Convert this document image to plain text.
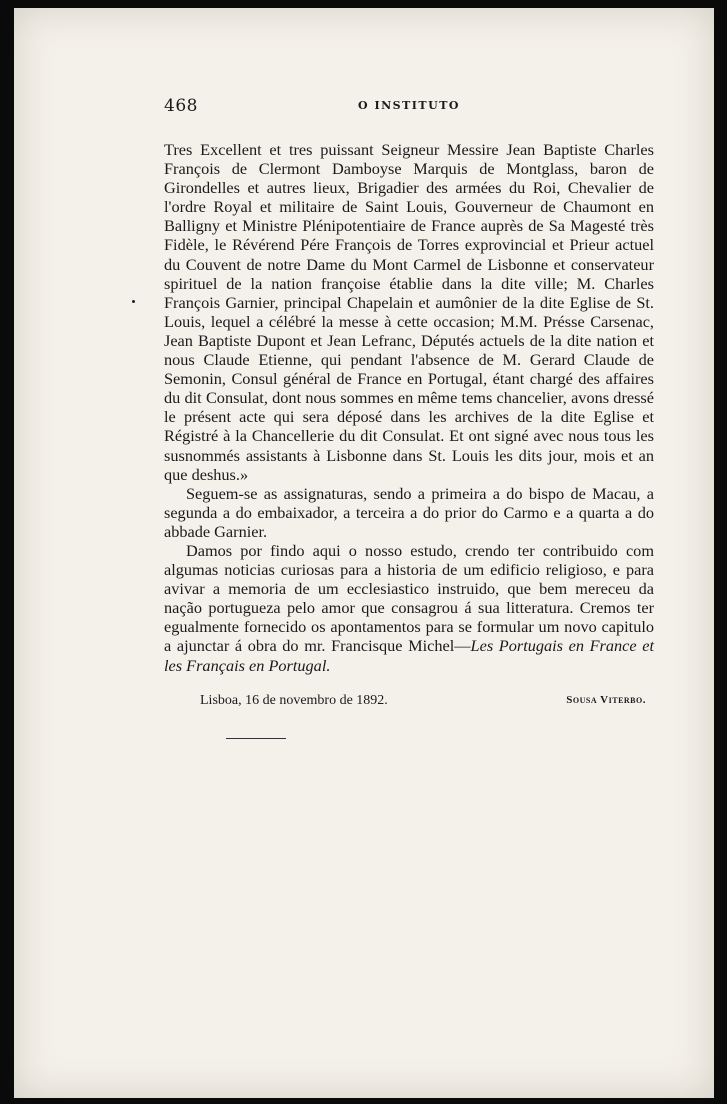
468	O INSTITUTO

Tres Excellent et tres puissant Seigneur Messire Jean Baptiste Charles François de Clermont Damboyse Marquis de Montglass, baron de Girondelles et autres lieux, Brigadier des armées du Roi, Chevalier de l'ordre Royal et militaire de Saint Louis, Gouverneur de Chaumont en Balligny et Ministre Plénipotentiaire de France auprès de Sa Magesté très Fidèle, le Révérend Pére François de Torres exprovincial et Prieur actuel du Couvent de notre Dame du Mont Carmel de Lisbonne et conservateur spirituel de la nation françoise établie dans la dite ville; M. Charles François Garnier, principal Chapelain et aumônier de la dite Eglise de St. Louis, lequel a célébré la messe à cette occasion; M.M. Présse Carsenac, Jean Baptiste Dupont et Jean Lefranc, Députés actuels de la dite nation et nous Claude Etienne, qui pendant l'absence de M. Gerard Claude de Semonin, Consul général de France en Portugal, étant chargé des affaires du dit Consulat, dont nous sommes en même tems chancelier, avons dressé le présent acte qui sera déposé dans les archives de la dite Eglise et Régistré à la Chancellerie du dit Consulat. Et ont signé avec nous tous les susnommés assistants à Lisbonne dans St. Louis les dits jour, mois et an que deshus.»

Seguem-se as assignaturas, sendo a primeira a do bispo de Macau, a segunda a do embaixador, a terceira a do prior do Carmo e a quarta a do abbade Garnier.

Damos por findo aqui o nosso estudo, crendo ter contribuido com algumas noticias curiosas para a historia de um edificio religioso, e para avivar a memoria de um ecclesiastico instruido, que bem mereceu da nação portugueza pelo amor que consagrou á sua litteratura. Cremos ter egualmente fornecido os apontamentos para se formular um novo capitulo a ajunctar á obra do mr. Francisque Michel—Les Portugais en France et les Français en Portugal.

Lisboa, 16 de novembro de 1892.	Sousa Viterbo.
